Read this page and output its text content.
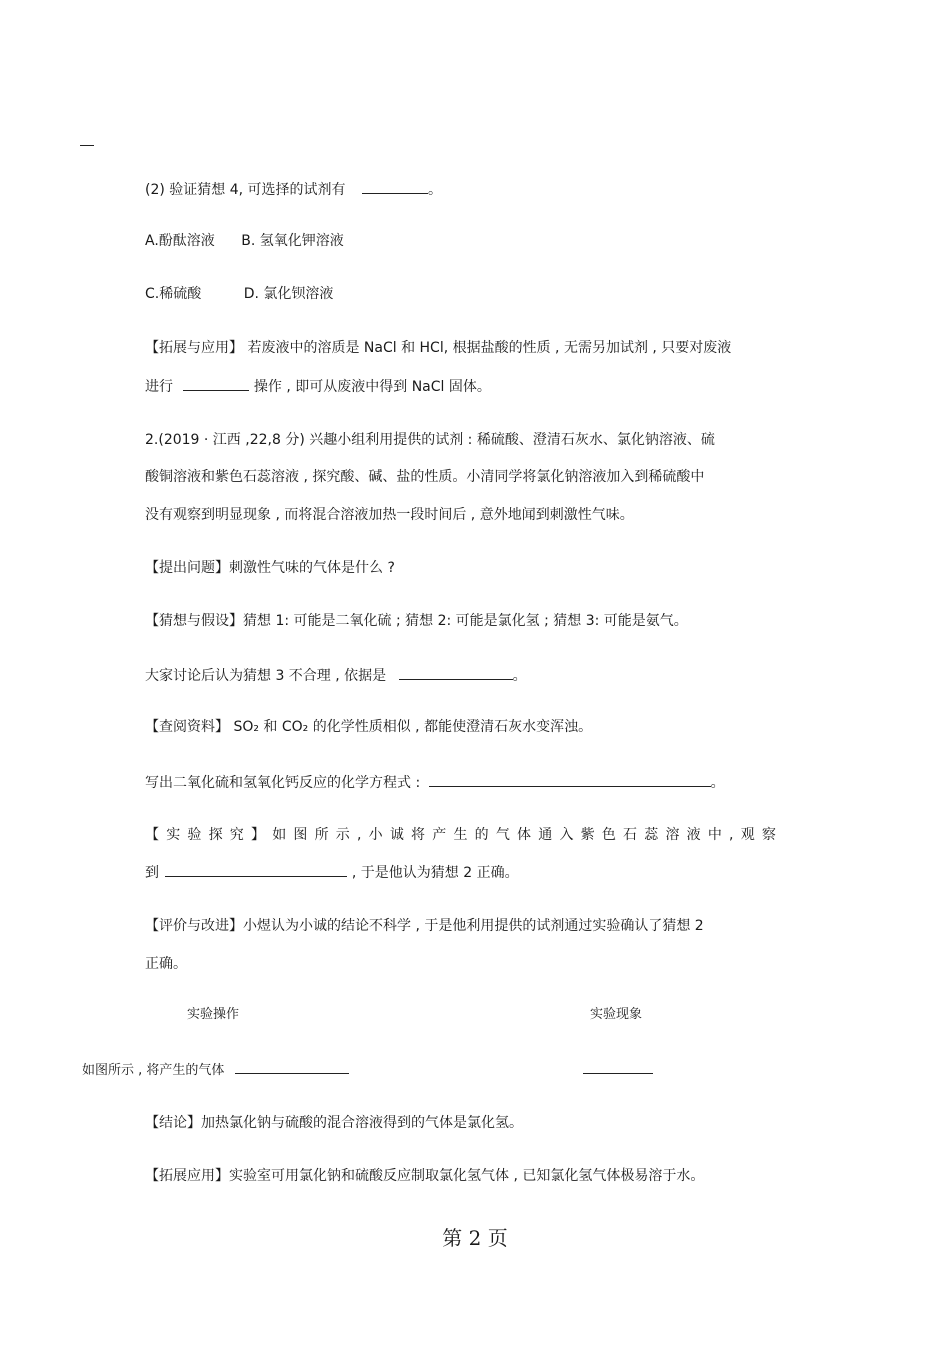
(2) 验证猜想 4, 可选择的试剂有	。
A.酚酞溶液 B. 氢氧化钾溶液
C.稀硫酸	D. 氯化钡溶液
【拓展与应用】 若废液中的溶质是 NaCl 和 HCl, 根据盐酸的性质 , 无需另加试剂 , 只要对废液
进行	操作 , 即可从废液中得到 NaCl 固体。
2.(2019 · 江西 ,22,8 分) 兴趣小组利用提供的试剂 : 稀硫酸、澄清石灰水、氯化钠溶液、硫
酸铜溶液和紫色石蕊溶液 , 探究酸、碱、盐的性质。小清同学将氯化钠溶液加入到稀硫酸中
没有观察到明显现象 , 而将混合溶液加热一段时间后 , 意外地闻到刺激性气味。
【提出问题】刺激性气味的气体是什么 ?
【猜想与假设】猜想 1: 可能是二氧化硫 ; 猜想 2: 可能是氯化氢 ; 猜想 3: 可能是氨气。
大家讨论后认为猜想 3 不合理 , 依据是	。
【查阅资料】 SO₂ 和 CO₂ 的化学性质相似 , 都能使澄清石灰水变浑浊。
写出二氧化硫和氢氧化钙反应的化学方程式 :	。
【实验探究】如图所示,小诚将产生的气体通入紫色石蕊溶液中,观察
到	, 于是他认为猜想 2 正确。
【评价与改进】小煜认为小诚的结论不科学 , 于是他利用提供的试剂通过实验确认了猜想 2
正确。
实验操作	实验现象
如图所示 , 将产生的气体
【结论】加热氯化钠与硫酸的混合溶液得到的气体是氯化氢。
【拓展应用】实验室可用氯化钠和硫酸反应制取氯化氢气体 , 已知氯化氢气体极易溶于水。
第 2 页
